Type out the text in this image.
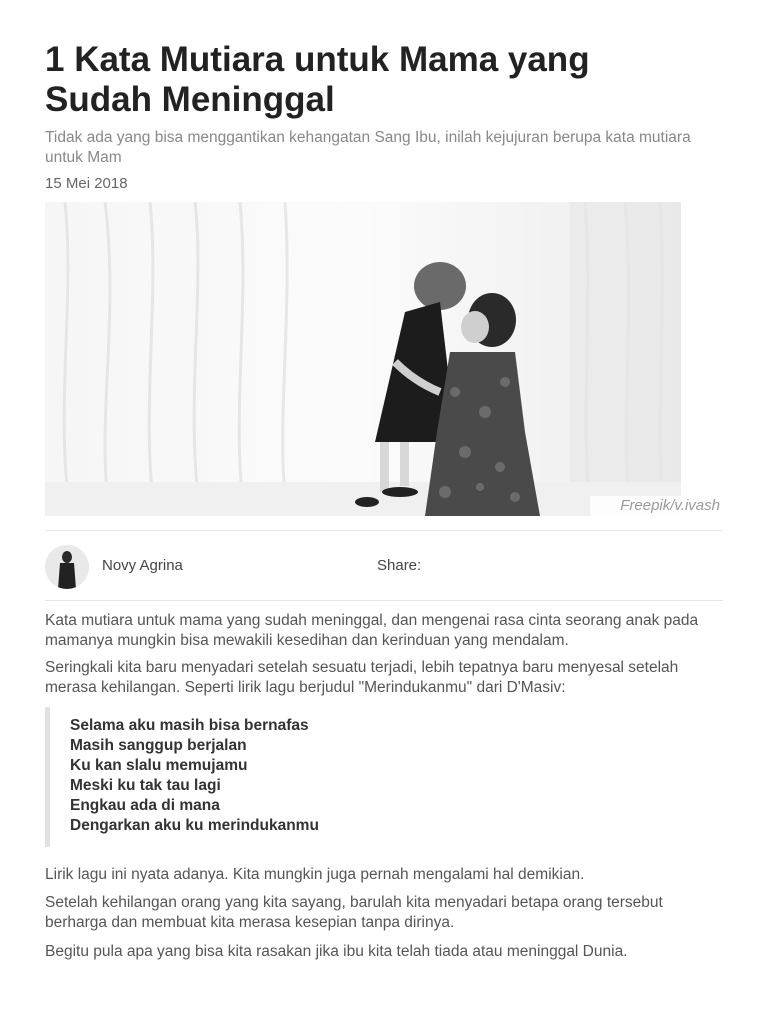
1 Kata Mutiara untuk Mama yang Sudah Meninggal

Tidak ada yang bisa menggantikan kehangatan Sang Ibu, inilah kejujuran berupa kata mutiara untuk Mam

15 Mei 2018
Freepik/v.ivash
Novy Agrina	Share:

Kata mutiara untuk mama yang sudah meninggal, dan mengenai rasa cinta seorang anak pada mamanya mungkin bisa mewakili kesedihan dan kerinduan yang mendalam.

Seringkali kita baru menyadari setelah sesuatu terjadi, lebih tepatnya baru menyesal setelah merasa kehilangan. Seperti lirik lagu berjudul "Merindukanmu" dari D'Masiv:

Selama aku masih bisa bernafas
Masih sanggup berjalan
Ku kan slalu memujamu
Meski ku tak tau lagi
Engkau ada di mana
Dengarkan aku ku merindukanmu

Lirik lagu ini nyata adanya. Kita mungkin juga pernah mengalami hal demikian.

Setelah kehilangan orang yang kita sayang, barulah kita menyadari betapa orang tersebut berharga dan membuat kita merasa kesepian tanpa dirinya.

Begitu pula apa yang bisa kita rasakan jika ibu kita telah tiada atau meninggal Dunia.
